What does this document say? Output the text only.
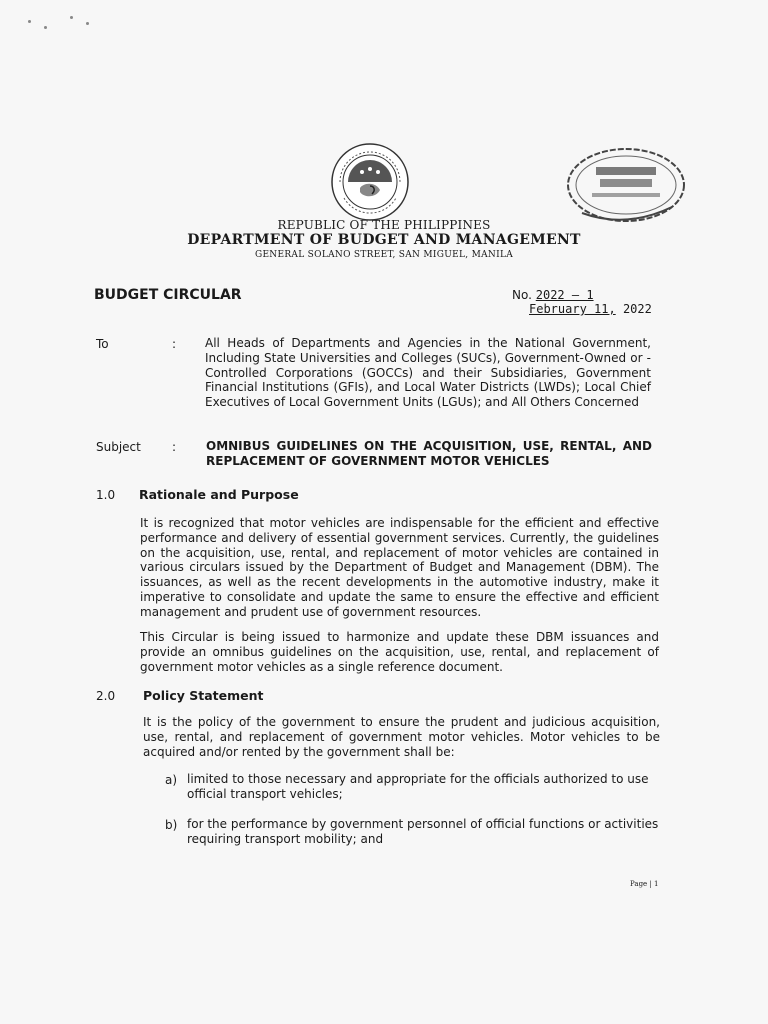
REPUBLIC OF THE PHILIPPINES
DEPARTMENT OF BUDGET AND MANAGEMENT
GENERAL SOLANO STREET, SAN MIGUEL, MANILA
BUDGET CIRCULAR	No. 2022 – 1
February 11, 2022
To	: All Heads of Departments and Agencies in the National Government, Including State Universities and Colleges (SUCs), Government-Owned or -Controlled Corporations (GOCCs) and their Subsidiaries, Government Financial Institutions (GFIs), and Local Water Districts (LWDs); Local Chief Executives of Local Government Units (LGUs); and All Others Concerned
Subject	: OMNIBUS GUIDELINES ON THE ACQUISITION, USE, RENTAL, AND REPLACEMENT OF GOVERNMENT MOTOR VEHICLES
1.0 Rationale and Purpose
It is recognized that motor vehicles are indispensable for the efficient and effective performance and delivery of essential government services. Currently, the guidelines on the acquisition, use, rental, and replacement of motor vehicles are contained in various circulars issued by the Department of Budget and Management (DBM). The issuances, as well as the recent developments in the automotive industry, make it imperative to consolidate and update the same to ensure the effective and efficient management and prudent use of government resources.
This Circular is being issued to harmonize and update these DBM issuances and provide an omnibus guidelines on the acquisition, use, rental, and replacement of government motor vehicles as a single reference document.
2.0 Policy Statement
It is the policy of the government to ensure the prudent and judicious acquisition, use, rental, and replacement of government motor vehicles. Motor vehicles to be acquired and/or rented by the government shall be:
a) limited to those necessary and appropriate for the officials authorized to use official transport vehicles;
b) for the performance by government personnel of official functions or activities requiring transport mobility; and
Page | 1
